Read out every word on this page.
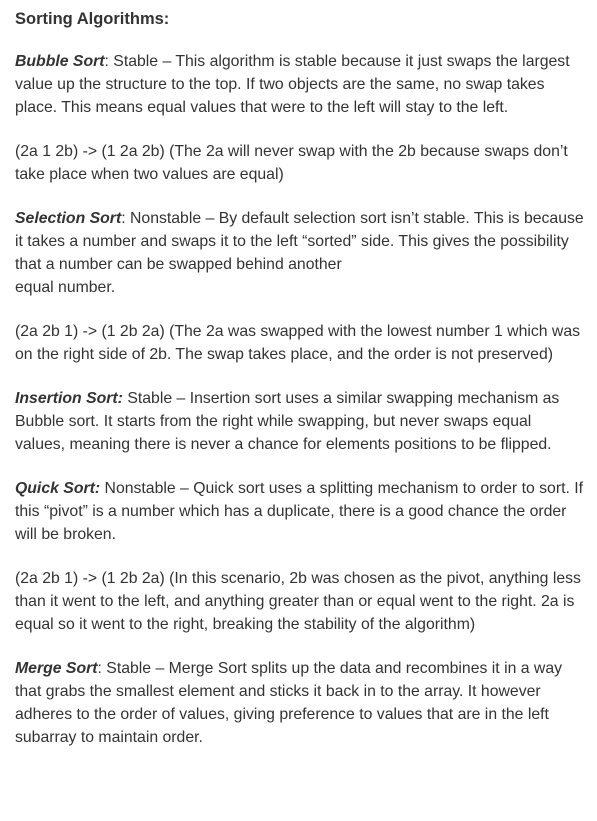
Sorting Algorithms:

Bubble Sort: Stable – This algorithm is stable because it just swaps the largest value up the structure to the top. If two objects are the same, no swap takes place. This means equal values that were to the left will stay to the left.

(2a 1 2b) -> (1 2a 2b) (The 2a will never swap with the 2b because swaps don’t take place when two values are equal)

Selection Sort: Nonstable – By default selection sort isn’t stable. This is because it takes a number and swaps it to the left “sorted” side. This gives the possibility that a number can be swapped behind another
equal number.

(2a 2b 1) -> (1 2b 2a) (The 2a was swapped with the lowest number 1 which was on the right side of 2b. The swap takes place, and the order is not preserved)

Insertion Sort: Stable – Insertion sort uses a similar swapping mechanism as Bubble sort. It starts from the right while swapping, but never swaps equal values, meaning there is never a chance for elements positions to be flipped.

Quick Sort: Nonstable – Quick sort uses a splitting mechanism to order to sort. If this “pivot” is a number which has a duplicate, there is a good chance the order will be broken.

(2a 2b 1) -> (1 2b 2a) (In this scenario, 2b was chosen as the pivot, anything less than it went to the left, and anything greater than or equal went to the right. 2a is equal so it went to the right, breaking the stability of the algorithm)

Merge Sort: Stable – Merge Sort splits up the data and recombines it in a way that grabs the smallest element and sticks it back in to the array. It however adheres to the order of values, giving preference to values that are in the left subarray to maintain order.
